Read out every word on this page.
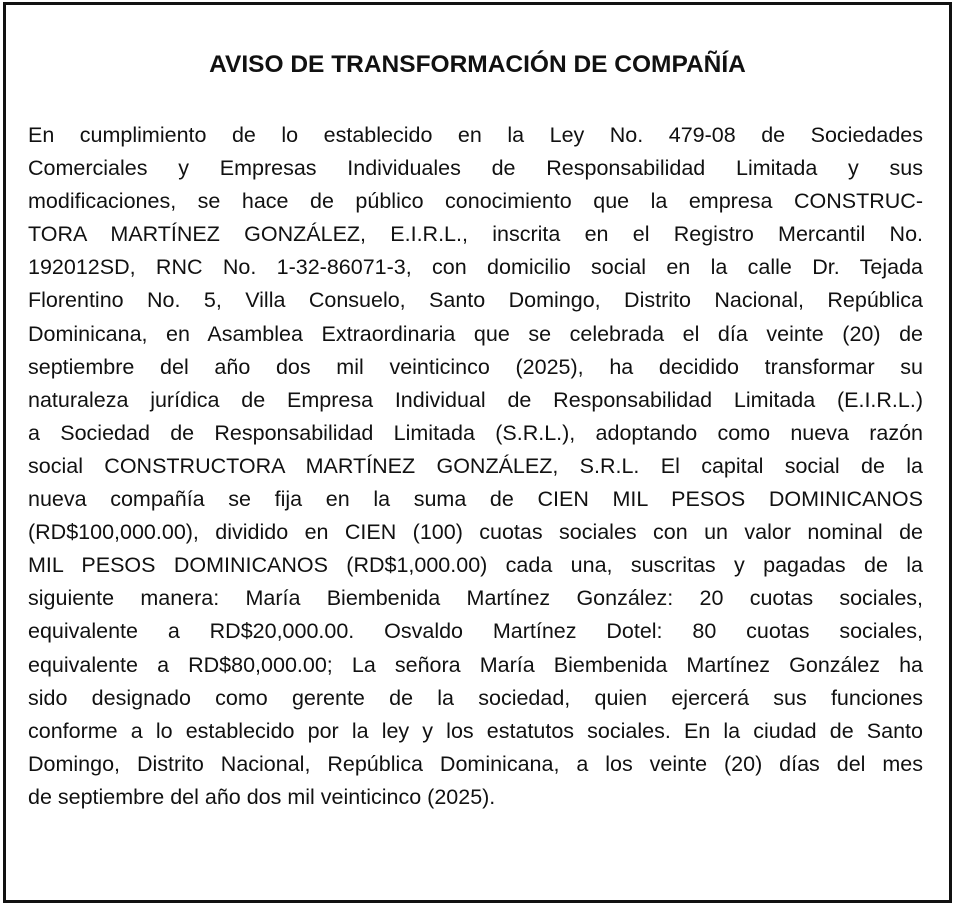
AVISO DE TRANSFORMACIÓN DE COMPAÑÍA
En cumplimiento de lo establecido en la Ley No. 479-08 de Sociedades
Comerciales y Empresas Individuales de Responsabilidad Limitada y sus
modificaciones, se hace de público conocimiento que la empresa CONSTRUC-
TORA MARTÍNEZ GONZÁLEZ, E.I.R.L., inscrita en el Registro Mercantil No.
192012SD, RNC No. 1-32-86071-3, con domicilio social en la calle Dr. Tejada
Florentino No. 5, Villa Consuelo, Santo Domingo, Distrito Nacional, República
Dominicana, en Asamblea Extraordinaria que se celebrada el día veinte (20) de
septiembre del año dos mil veinticinco (2025), ha decidido transformar su
naturaleza jurídica de Empresa Individual de Responsabilidad Limitada (E.I.R.L.)
a Sociedad de Responsabilidad Limitada (S.R.L.), adoptando como nueva razón
social CONSTRUCTORA MARTÍNEZ GONZÁLEZ, S.R.L. El capital social de la
nueva compañía se fija en la suma de CIEN MIL PESOS DOMINICANOS
(RD$100,000.00), dividido en CIEN (100) cuotas sociales con un valor nominal de
MIL PESOS DOMINICANOS (RD$1,000.00) cada una, suscritas y pagadas de la
siguiente manera: María Biembenida Martínez González: 20 cuotas sociales,
equivalente a RD$20,000.00. Osvaldo Martínez Dotel: 80 cuotas sociales,
equivalente a RD$80,000.00; La señora María Biembenida Martínez González ha
sido designado como gerente de la sociedad, quien ejercerá sus funciones
conforme a lo establecido por la ley y los estatutos sociales. En la ciudad de Santo
Domingo, Distrito Nacional, República Dominicana, a los veinte (20) días del mes
de septiembre del año dos mil veinticinco (2025).
